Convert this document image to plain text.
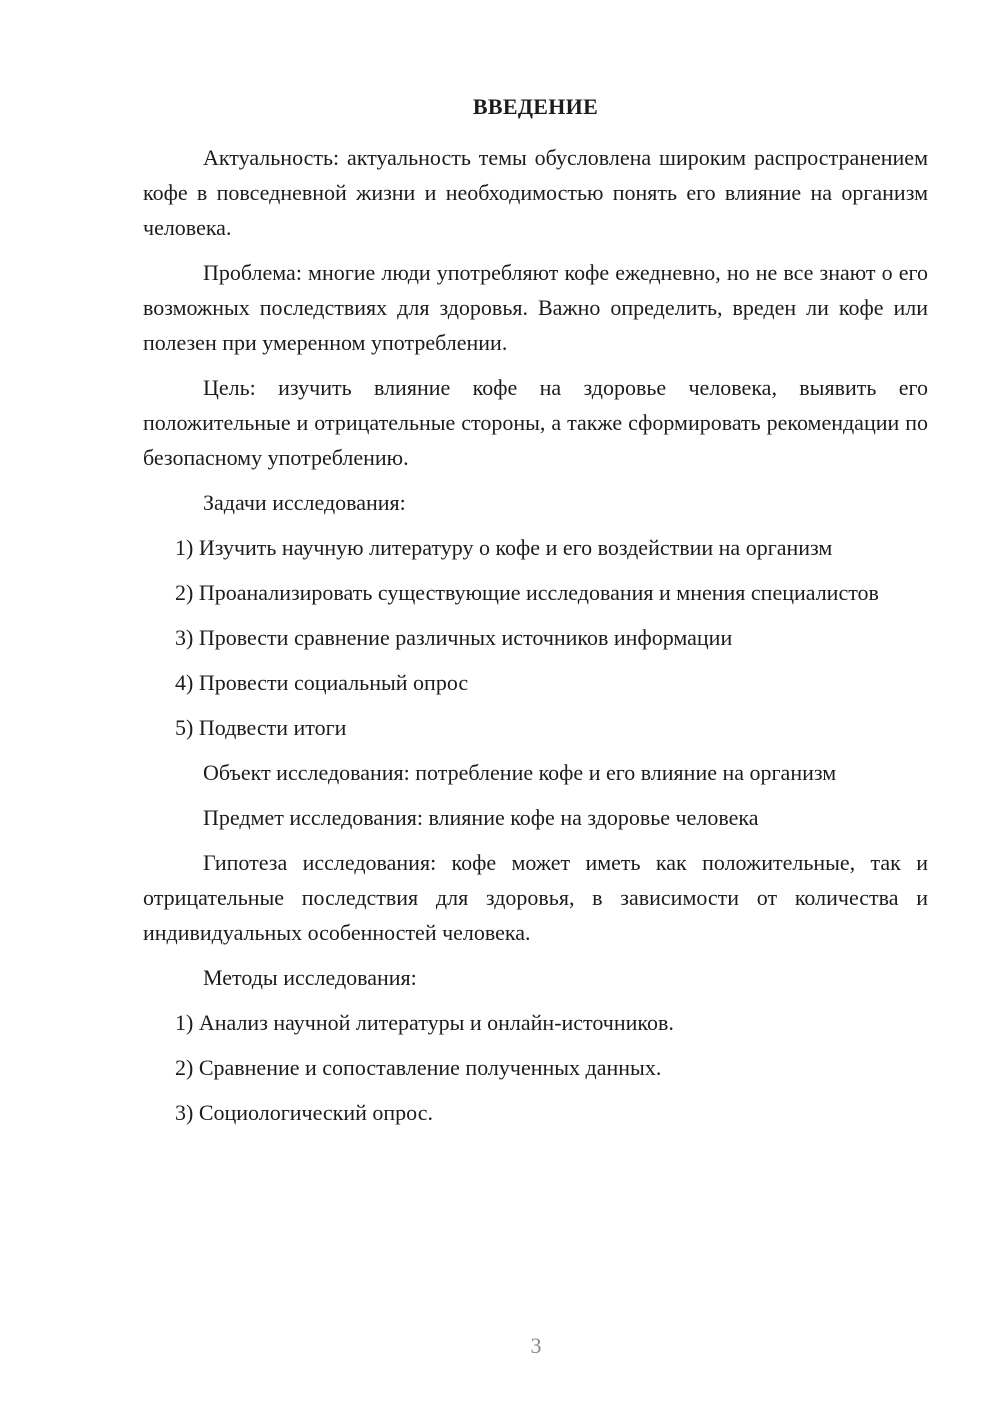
ВВЕДЕНИЕ

Актуальность: актуальность темы обусловлена широким распространением кофе в повседневной жизни и необходимостью понять его влияние на организм человека.

Проблема: многие люди употребляют кофе ежедневно, но не все знают о его возможных последствиях для здоровья. Важно определить, вреден ли кофе или полезен при умеренном употреблении.

Цель: изучить влияние кофе на здоровье человека, выявить его положительные и отрицательные стороны, а также сформировать рекомендации по безопасному употреблению.

Задачи исследования:

1) Изучить научную литературу о кофе и его воздействии на организм

2) Проанализировать существующие исследования и мнения специалистов

3) Провести сравнение различных источников информации

4) Провести социальный опрос

5) Подвести итоги

Объект исследования: потребление кофе и его влияние на организм

Предмет исследования: влияние кофе на здоровье человека

Гипотеза исследования: кофе может иметь как положительные, так и отрицательные последствия для здоровья, в зависимости от количества и индивидуальных особенностей человека.

Методы исследования:

1) Анализ научной литературы и онлайн-источников.

2) Сравнение и сопоставление полученных данных.

3) Социологический опрос.

3
